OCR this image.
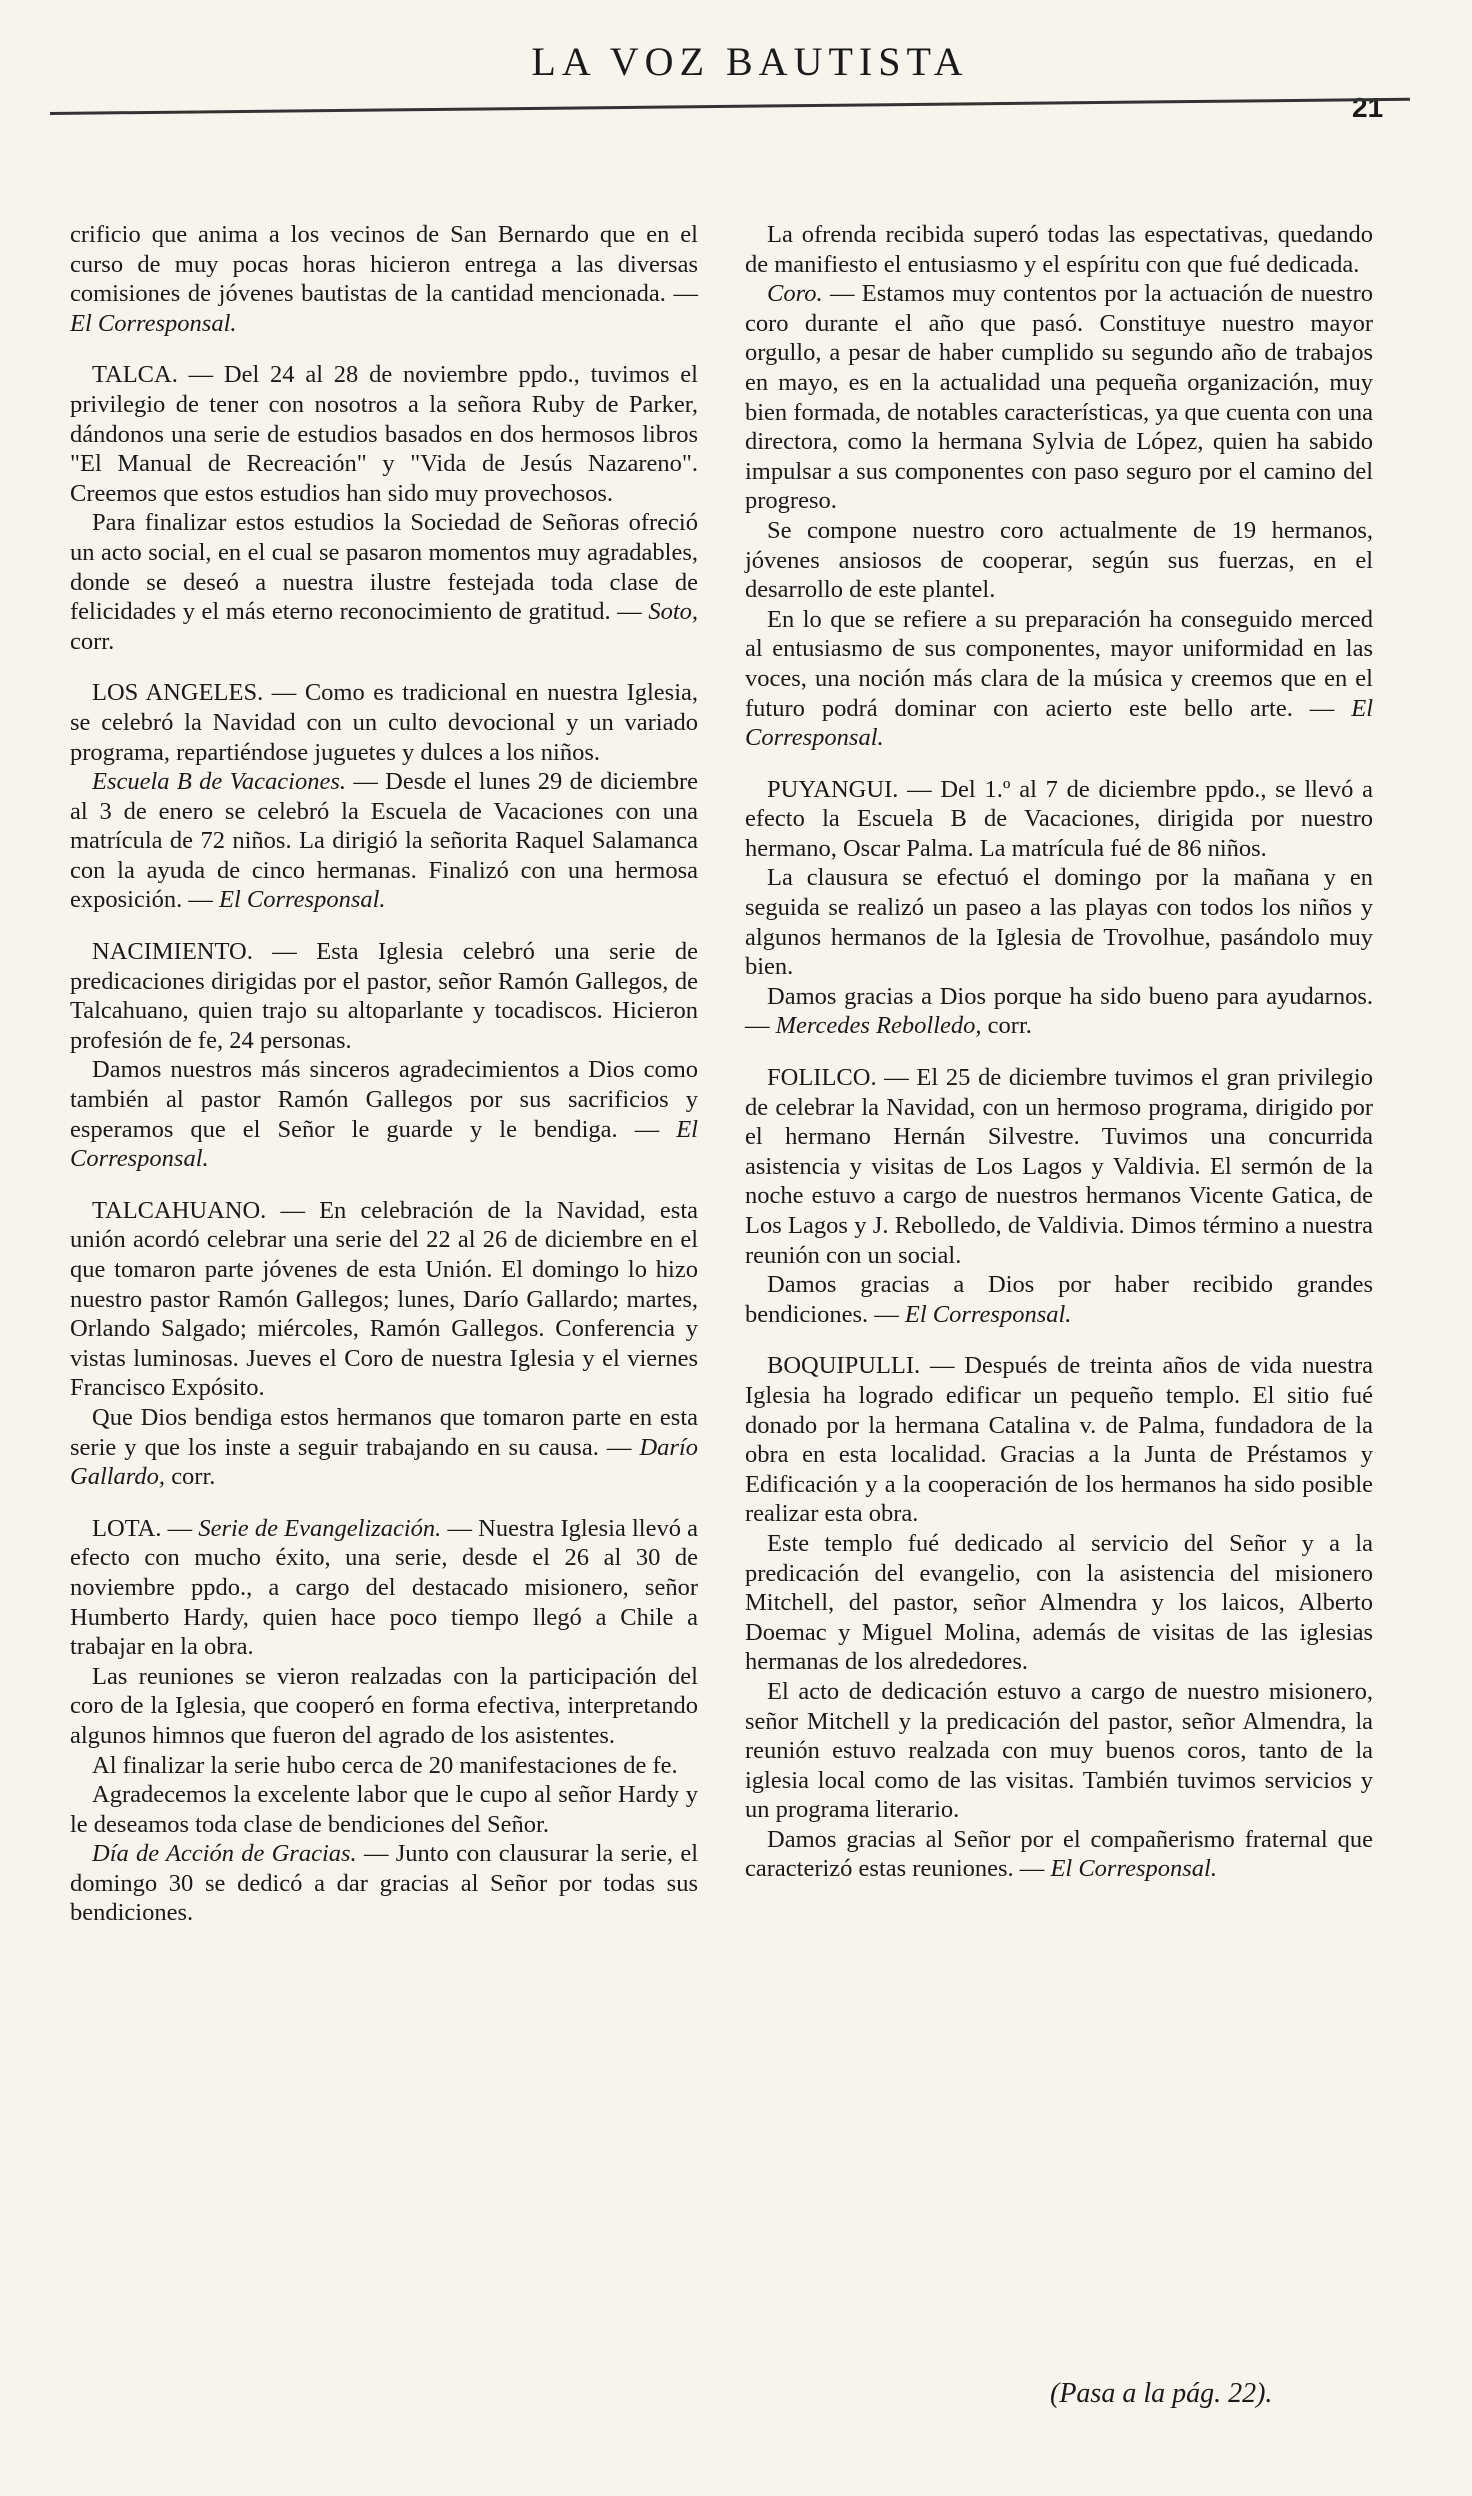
LA VOZ BAUTISTA
21

crificio que anima a los vecinos de San Bernardo que en el curso de muy pocas horas hicieron entrega a las diversas comisiones de jóvenes bautistas de la cantidad mencionada. — El Corresponsal.

TALCA. — Del 24 al 28 de noviembre ppdo., tuvimos el privilegio de tener con nosotros a la señora Ruby de Parker, dándonos una serie de estudios basados en dos hermosos libros "El Manual de Recreación" y "Vida de Jesús Nazareno". Creemos que estos estudios han sido muy provechosos.

Para finalizar estos estudios la Sociedad de Señoras ofreció un acto social, en el cual se pasaron momentos muy agradables, donde se deseó a nuestra ilustre festejada toda clase de felicidades y el más eterno reconocimiento de gratitud. — Soto, corr.

LOS ANGELES. — Como es tradicional en nuestra Iglesia, se celebró la Navidad con un culto devocional y un variado programa, repartiéndose juguetes y dulces a los niños.

Escuela B de Vacaciones. — Desde el lunes 29 de diciembre al 3 de enero se celebró la Escuela de Vacaciones con una matrícula de 72 niños. La dirigió la señorita Raquel Salamanca con la ayuda de cinco hermanas. Finalizó con una hermosa exposición. — El Corresponsal.

NACIMIENTO. — Esta Iglesia celebró una serie de predicaciones dirigidas por el pastor, señor Ramón Gallegos, de Talcahuano, quien trajo su altoparlante y tocadiscos. Hicieron profesión de fe, 24 personas.

Damos nuestros más sinceros agradecimientos a Dios como también al pastor Ramón Gallegos por sus sacrificios y esperamos que el Señor le guarde y le bendiga. — El Corresponsal.

TALCAHUANO. — En celebración de la Navidad, esta unión acordó celebrar una serie del 22 al 26 de diciembre en el que tomaron parte jóvenes de esta Unión. El domingo lo hizo nuestro pastor Ramón Gallegos; lunes, Darío Gallardo; martes, Orlando Salgado; miércoles, Ramón Gallegos. Conferencia y vistas luminosas. Jueves el Coro de nuestra Iglesia y el viernes Francisco Expósito.

Que Dios bendiga estos hermanos que tomaron parte en esta serie y que los inste a seguir trabajando en su causa. — Darío Gallardo, corr.

LOTA. — Serie de Evangelización. — Nuestra Iglesia llevó a efecto con mucho éxito, una serie, desde el 26 al 30 de noviembre ppdo., a cargo del destacado misionero, señor Humberto Hardy, quien hace poco tiempo llegó a Chile a trabajar en la obra.

Las reuniones se vieron realzadas con la participación del coro de la Iglesia, que cooperó en forma efectiva, interpretando algunos himnos que fueron del agrado de los asistentes.

Al finalizar la serie hubo cerca de 20 manifestaciones de fe.

Agradecemos la excelente labor que le cupo al señor Hardy y le deseamos toda clase de bendiciones del Señor.

Día de Acción de Gracias. — Junto con clausurar la serie, el domingo 30 se dedicó a dar gracias al Señor por todas sus bendiciones.

La ofrenda recibida superó todas las espectativas, quedando de manifiesto el entusiasmo y el espíritu con que fué dedicada.

Coro. — Estamos muy contentos por la actuación de nuestro coro durante el año que pasó. Constituye nuestro mayor orgullo, a pesar de haber cumplido su segundo año de trabajos en mayo, es en la actualidad una pequeña organización, muy bien formada, de notables características, ya que cuenta con una directora, como la hermana Sylvia de López, quien ha sabido impulsar a sus componentes con paso seguro por el camino del progreso.

Se compone nuestro coro actualmente de 19 hermanos, jóvenes ansiosos de cooperar, según sus fuerzas, en el desarrollo de este plantel.

En lo que se refiere a su preparación ha conseguido merced al entusiasmo de sus componentes, mayor uniformidad en las voces, una noción más clara de la música y creemos que en el futuro podrá dominar con acierto este bello arte. — El Corresponsal.

PUYANGUI. — Del 1.º al 7 de diciembre ppdo., se llevó a efecto la Escuela B de Vacaciones, dirigida por nuestro hermano, Oscar Palma. La matrícula fué de 86 niños.

La clausura se efectuó el domingo por la mañana y en seguida se realizó un paseo a las playas con todos los niños y algunos hermanos de la Iglesia de Trovolhue, pasándolo muy bien.

Damos gracias a Dios porque ha sido bueno para ayudarnos. — Mercedes Rebolledo, corr.

FOLILCO. — El 25 de diciembre tuvimos el gran privilegio de celebrar la Navidad, con un hermoso programa, dirigido por el hermano Hernán Silvestre. Tuvimos una concurrida asistencia y visitas de Los Lagos y Valdivia. El sermón de la noche estuvo a cargo de nuestros hermanos Vicente Gatica, de Los Lagos y J. Rebolledo, de Valdivia. Dimos término a nuestra reunión con un social.

Damos gracias a Dios por haber recibido grandes bendiciones. — El Corresponsal.

BOQUIPULLI. — Después de treinta años de vida nuestra Iglesia ha logrado edificar un pequeño templo. El sitio fué donado por la hermana Catalina v. de Palma, fundadora de la obra en esta localidad. Gracias a la Junta de Préstamos y Edificación y a la cooperación de los hermanos ha sido posible realizar esta obra.

Este templo fué dedicado al servicio del Señor y a la predicación del evangelio, con la asistencia del misionero Mitchell, del pastor, señor Almendra y los laicos, Alberto Doemac y Miguel Molina, además de visitas de las iglesias hermanas de los alrededores.

El acto de dedicación estuvo a cargo de nuestro misionero, señor Mitchell y la predicación del pastor, señor Almendra, la reunión estuvo realzada con muy buenos coros, tanto de la iglesia local como de las visitas. También tuvimos servicios y un programa literario.

Damos gracias al Señor por el compañerismo fraternal que caracterizó estas reuniones. — El Corresponsal.

(Pasa a la pág. 22).
